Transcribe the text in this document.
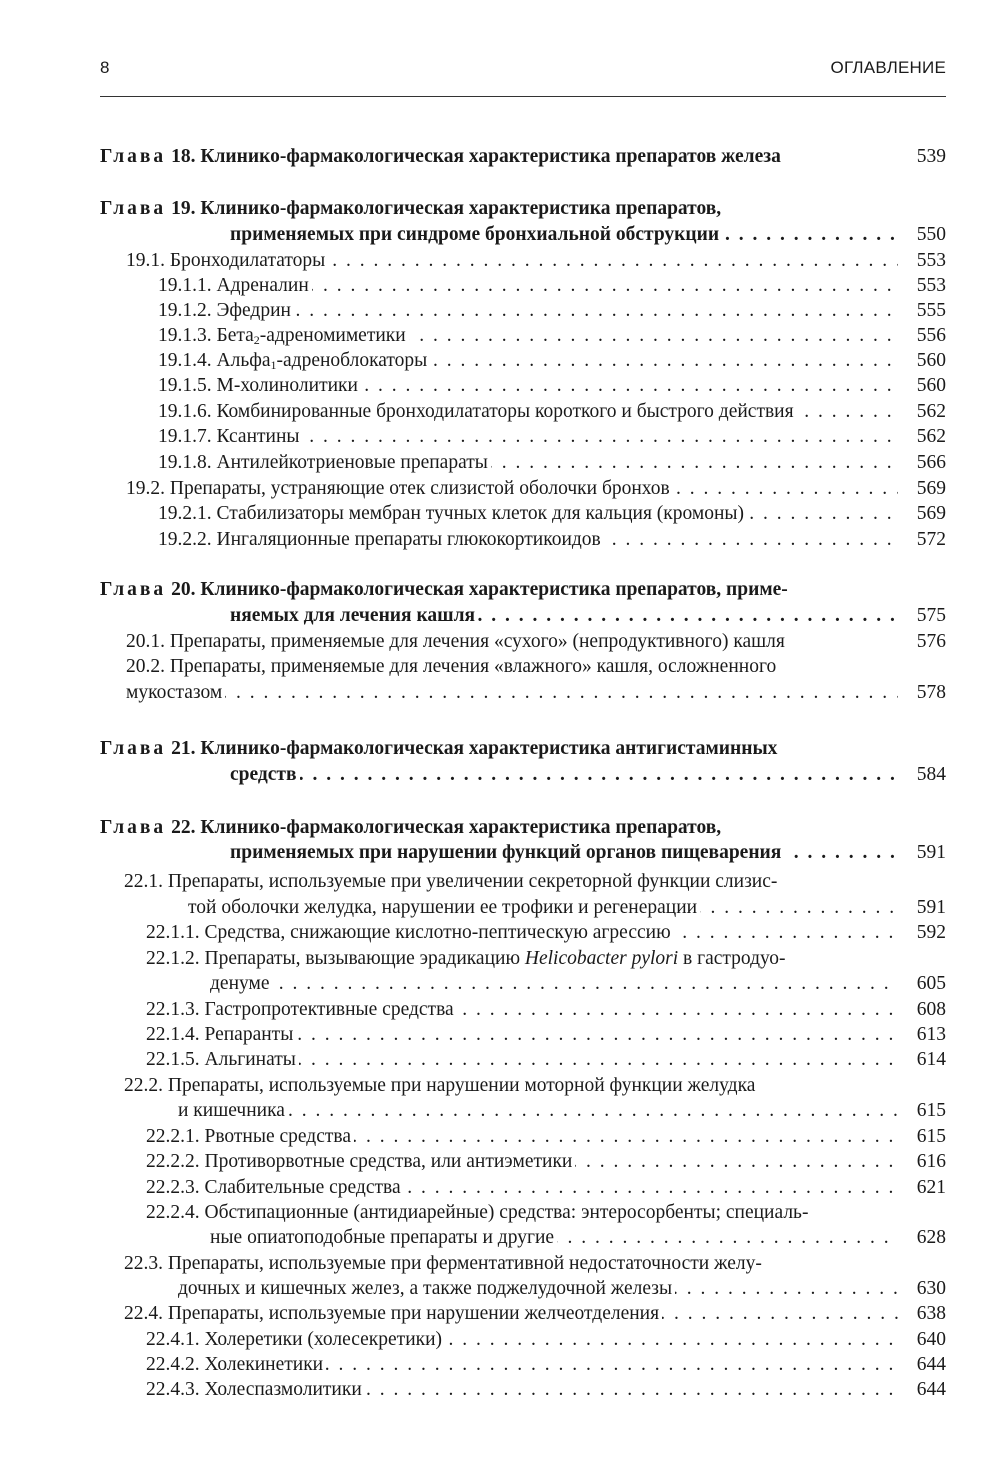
8	ОГЛАВЛЕНИЕ
Глава 18. Клинико-фармакологическая характеристика препаратов железа	539
Глава 19. Клинико-фармакологическая характеристика препаратов,
. . .
применяемых при синдроме бронхиальной обструкции	550
. . .
19.1. Бронходилататоры	553
. . .
19.1.1. Адреналин	553
. . .
19.1.2. Эфедрин	555
. . .
19.1.3. Бета$_2$-адреномиметики	556
. . .
19.1.4. Альфа$_1$-адреноблокаторы	560
. . .
19.1.5. М-холинолитики	560
. . .
19.1.6. Комбинированные бронходилататоры короткого и быстрого действия	562
. . .
19.1.7. Ксантины	562
. . .
19.1.8. Антилейкотриеновые препараты	566
. . .
19.2. Препараты, устраняющие отек слизистой оболочки бронхов	569
. . .
19.2.1. Стабилизаторы мембран тучных клеток для кальция (кромоны)	569
. . .
19.2.2. Ингаляционные препараты глюкокортикоидов	572
Глава 20. Клинико-фармакологическая характеристика препаратов, приме-
. . .
няемых для лечения кашля	575
20.1. Препараты, применяемые для лечения «сухого» (непродуктивного) кашля	576
20.2. Препараты, применяемые для лечения «влажного» кашля, осложненного
. . .
мукостазом	578
Глава 21. Клинико-фармакологическая характеристика антигистаминных
. . .
средств	584
Глава 22. Клинико-фармакологическая характеристика препаратов,
. . .
применяемых при нарушении функций органов пищеварения	591
22.1. Препараты, используемые при увеличении секреторной функции слизис-
. . .
той оболочки желудка, нарушении ее трофики и регенерации	591
. . .
22.1.1. Средства, снижающие кислотно-пептическую агрессию	592
22.1.2. Препараты, вызывающие эрадикацию Helicobacter pylori в гастродуо-
. . .
денуме	605
. . .
22.1.3. Гастропротективные средства	608
. . .
22.1.4. Репаранты	613
. . .
22.1.5. Альгинаты	614
22.2. Препараты, используемые при нарушении моторной функции желудка
. . .
и кишечника	615
. . .
22.2.1. Рвотные средства	615
. . .
22.2.2. Противорвотные средства, или антиэметики	616
. . .
22.2.3. Слабительные средства	621
22.2.4. Обстипационные (антидиарейные) средства: энтеросорбенты; специаль-
. . .
ные опиатоподобные препараты и другие	628
22.3. Препараты, используемые при ферментативной недостаточности желу-
. . .
дочных и кишечных желез, а также поджелудочной железы	630
. . .
22.4. Препараты, используемые при нарушении желчеотделения	638
. . .
22.4.1. Холеретики (холесекретики)	640
. . .
22.4.2. Холекинетики	644
. . .
22.4.3. Холеспазмолитики	644
